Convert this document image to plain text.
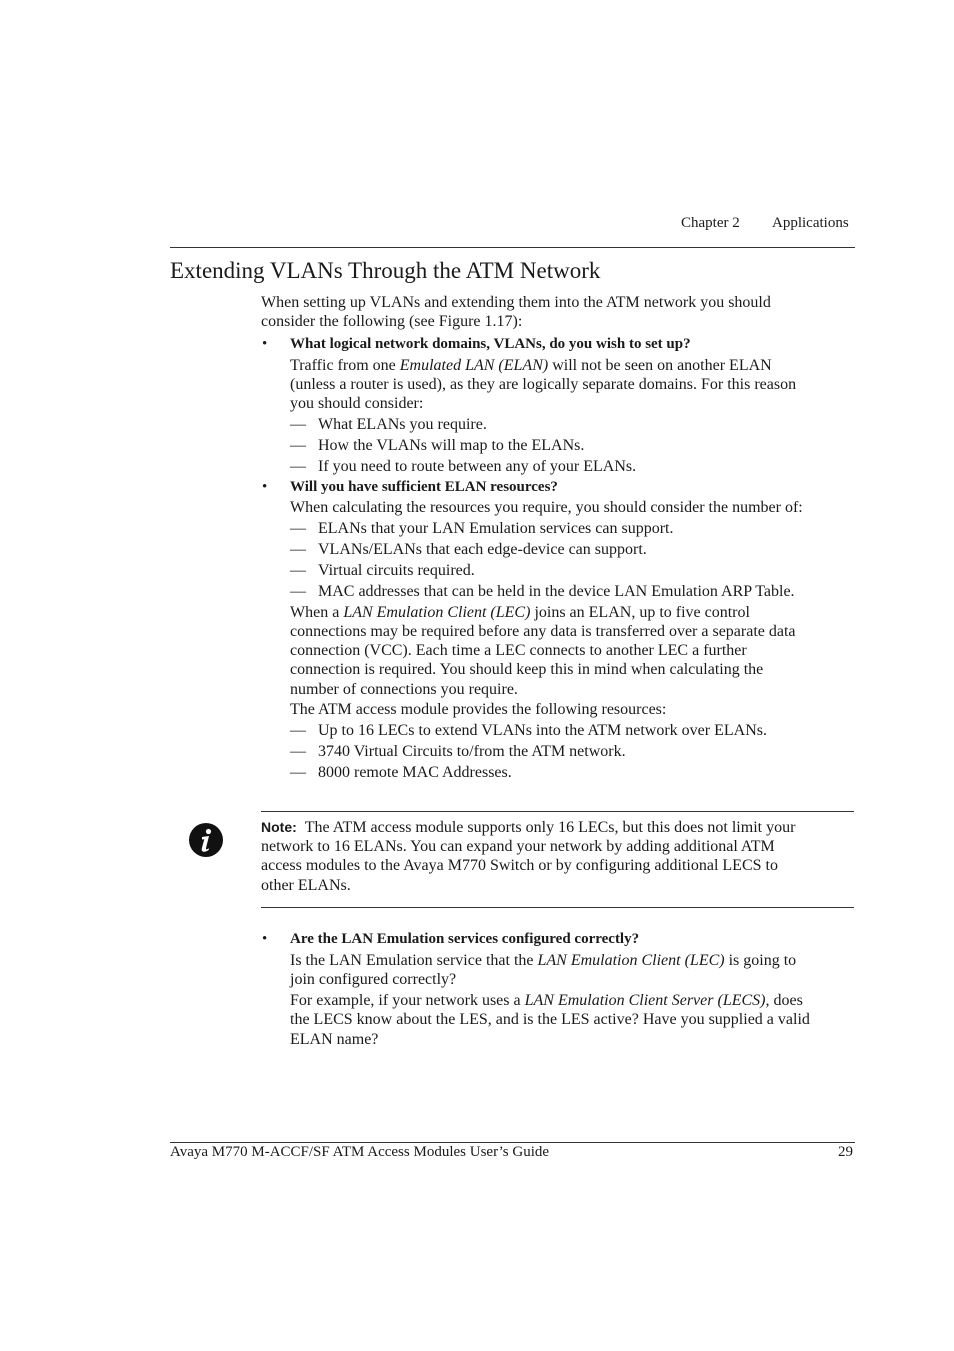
Chapter 2 Applications
Extending VLANs Through the ATM Network
When setting up VLANs and extending them into the ATM network you should
consider the following (see Figure 1.17):
• What logical network domains, VLANs, do you wish to set up?
Traffic from one Emulated LAN (ELAN) will not be seen on another ELAN
(unless a router is used), as they are logically separate domains. For this reason
you should consider:
— What ELANs you require.
— How the VLANs will map to the ELANs.
— If you need to route between any of your ELANs.
• Will you have sufficient ELAN resources?
When calculating the resources you require, you should consider the number of:
— ELANs that your LAN Emulation services can support.
— VLANs/ELANs that each edge-device can support.
— Virtual circuits required.
— MAC addresses that can be held in the device LAN Emulation ARP Table.
When a LAN Emulation Client (LEC) joins an ELAN, up to five control
connections may be required before any data is transferred over a separate data
connection (VCC). Each time a LEC connects to another LEC a further
connection is required. You should keep this in mind when calculating the
number of connections you require.
The ATM access module provides the following resources:
— Up to 16 LECs to extend VLANs into the ATM network over ELANs.
— 3740 Virtual Circuits to/from the ATM network.
— 8000 remote MAC Addresses.
Note: The ATM access module supports only 16 LECs, but this does not limit your
network to 16 ELANs. You can expand your network by adding additional ATM
access modules to the Avaya M770 Switch or by configuring additional LECS to
other ELANs.
• Are the LAN Emulation services configured correctly?
Is the LAN Emulation service that the LAN Emulation Client (LEC) is going to
join configured correctly?
For example, if your network uses a LAN Emulation Client Server (LECS), does
the LECS know about the LES, and is the LES active? Have you supplied a valid
ELAN name?
Avaya M770 M-ACCF/SF ATM Access Modules User’s Guide	29
